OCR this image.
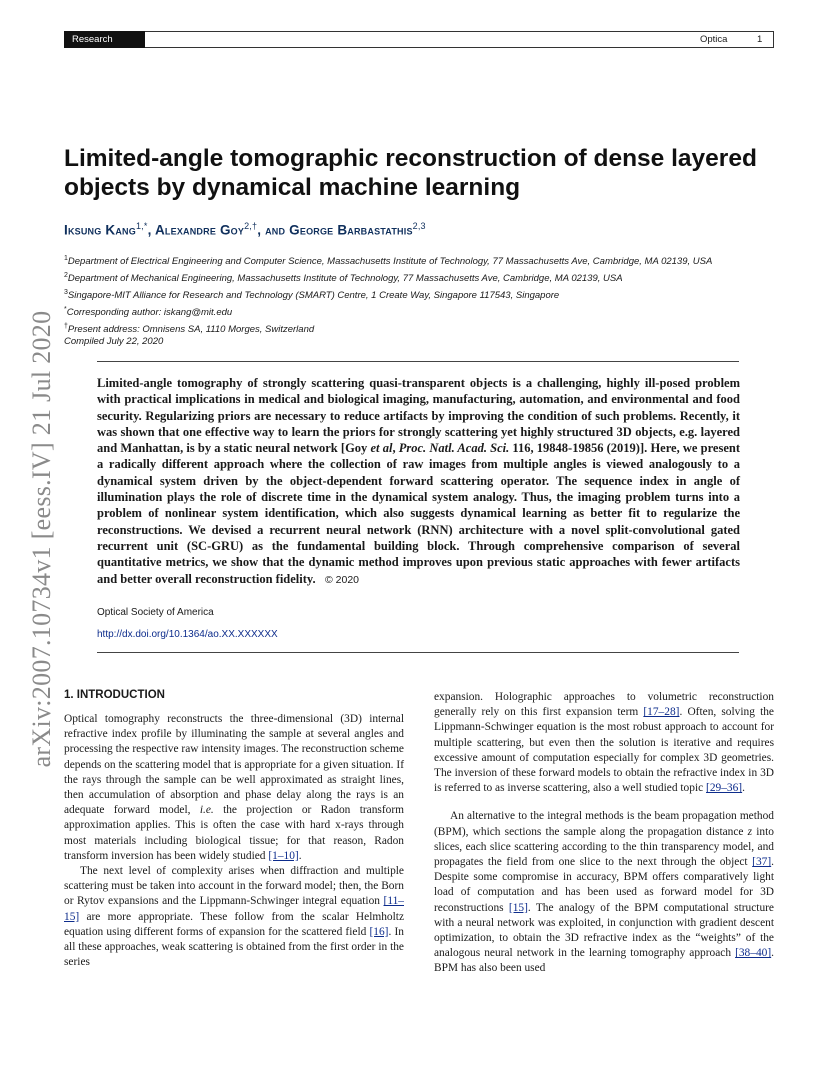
Research Article
Optica	1
arXiv:2007.10734v1 [eess.IV] 21 Jul 2020
Limited-angle tomographic reconstruction of dense layered objects by dynamical machine learning
Iksung Kang$^{1,*}$, Alexandre Goy$^{2,\dagger}$, and George Barbastathis$^{2,3}$
$^1$Department of Electrical Engineering and Computer Science, Massachusetts Institute of Technology, 77 Massachusetts Ave, Cambridge, MA 02139, USA
$^2$Department of Mechanical Engineering, Massachusetts Institute of Technology, 77 Massachusetts Ave, Cambridge, MA 02139, USA
$^3$Singapore-MIT Alliance for Research and Technology (SMART) Centre, 1 Create Way, Singapore 117543, Singapore
*Corresponding author: iskang@mit.edu
†Present address: Omnisens SA, 1110 Morges, Switzerland
Compiled July 22, 2020
Limited-angle tomography of strongly scattering quasi-transparent objects is a challenging, highly ill-posed problem with practical implications in medical and biological imaging, manufacturing, automation, and environmental and food security. Regularizing priors are necessary to reduce artifacts by improving the condition of such problems. Recently, it was shown that one effective way to learn the priors for strongly scattering yet highly structured 3D objects, e.g. layered and Manhattan, is by a static neural network [Goy et al, Proc. Natl. Acad. Sci. 116, 19848-19856 (2019)]. Here, we present a radically different approach where the collection of raw images from multiple angles is viewed analogously to a dynamical system driven by the object-dependent forward scattering operator. The sequence index in angle of illumination plays the role of discrete time in the dynamical system analogy. Thus, the imaging problem turns into a problem of nonlinear system identification, which also suggests dynamical learning as better fit to regularize the reconstructions. We devised a recurrent neural network (RNN) architecture with a novel split-convolutional gated recurrent unit (SC-GRU) as the fundamental building block. Through comprehensive comparison of several quantitative metrics, we show that the dynamic method improves upon previous static approaches with fewer artifacts and better overall reconstruction fidelity. © 2020
Optical Society of America
http://dx.doi.org/10.1364/ao.XX.XXXXXX
1. INTRODUCTION

Optical tomography reconstructs the three-dimensional (3D) internal refractive index profile by illuminating the sample at several angles and processing the respective raw intensity images. The reconstruction scheme depends on the scattering model that is appropriate for a given situation. If the rays through the sample can be well approximated as straight lines, then accumulation of absorption and phase delay along the rays is an adequate forward model, i.e. the projection or Radon transform approximation applies. This is often the case with hard x-rays through most materials including biological tissue; for that reason, Radon transform inversion has been widely studied [1–10].

The next level of complexity arises when diffraction and multiple scattering must be taken into account in the forward model; then, the Born or Rytov expansions and the Lippmann-Schwinger integral equation [11–15] are more appropriate. These follow from the scalar Helmholtz equation using different forms of expansion for the scattered field [16]. In all these approaches, weak scattering is obtained from the first order in the series

expansion. Holographic approaches to volumetric reconstruction generally rely on this first expansion term [17–28]. Often, solving the Lippmann-Schwinger equation is the most robust approach to account for multiple scattering, but even then the solution is iterative and requires excessive amount of computation especially for complex 3D geometries. The inversion of these forward models to obtain the refractive index in 3D is referred to as inverse scattering, also a well studied topic [29–36].

An alternative to the integral methods is the beam propagation method (BPM), which sections the sample along the propagation distance z into slices, each slice scattering according to the thin transparency model, and propagates the field from one slice to the next through the object [37]. Despite some compromise in accuracy, BPM offers comparatively light load of computation and has been used as forward model for 3D reconstructions [15]. The analogy of the BPM computational structure with a neural network was exploited, in conjunction with gradient descent optimization, to obtain the 3D refractive index as the “weights” of the analogous neural network in the learning tomography approach [38–40]. BPM has also been used
